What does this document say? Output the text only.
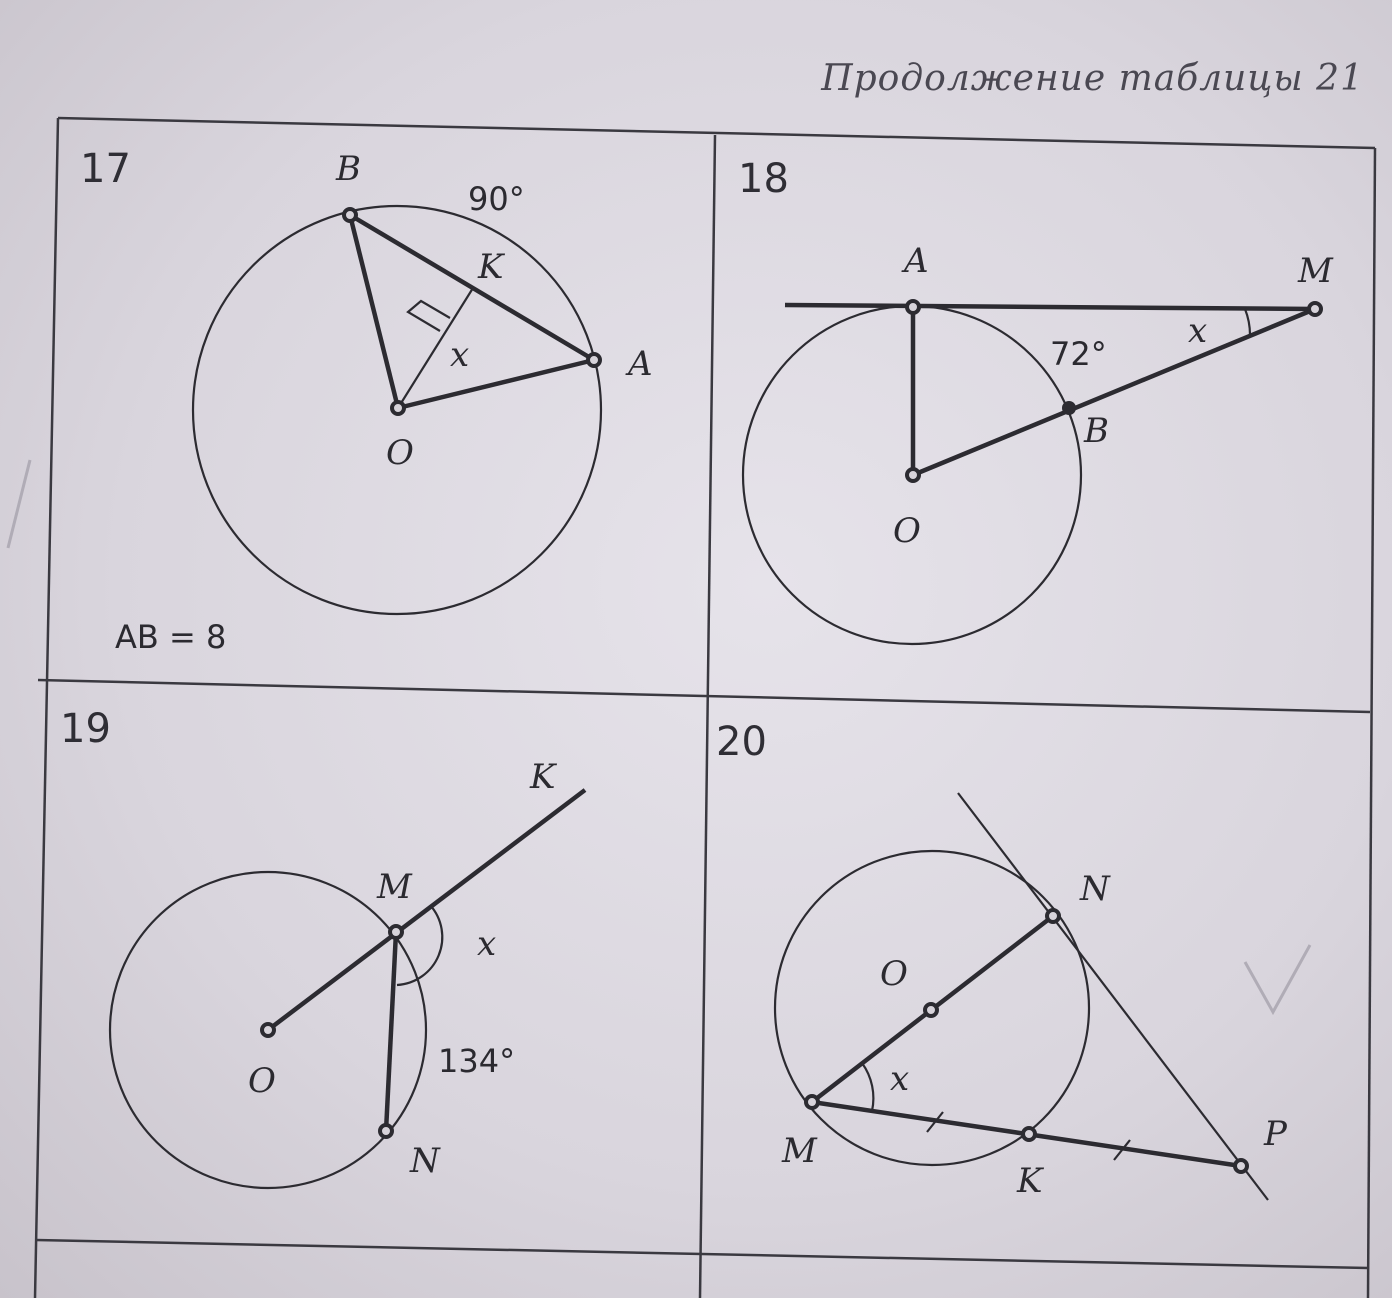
Продолжение таблицы 21
17	B
90°
K
A
x
O
AB = 8
18
A	M
72°
x
B
O
19
K
M
x
134°
O
N
20
N
O
x
M
K
P
